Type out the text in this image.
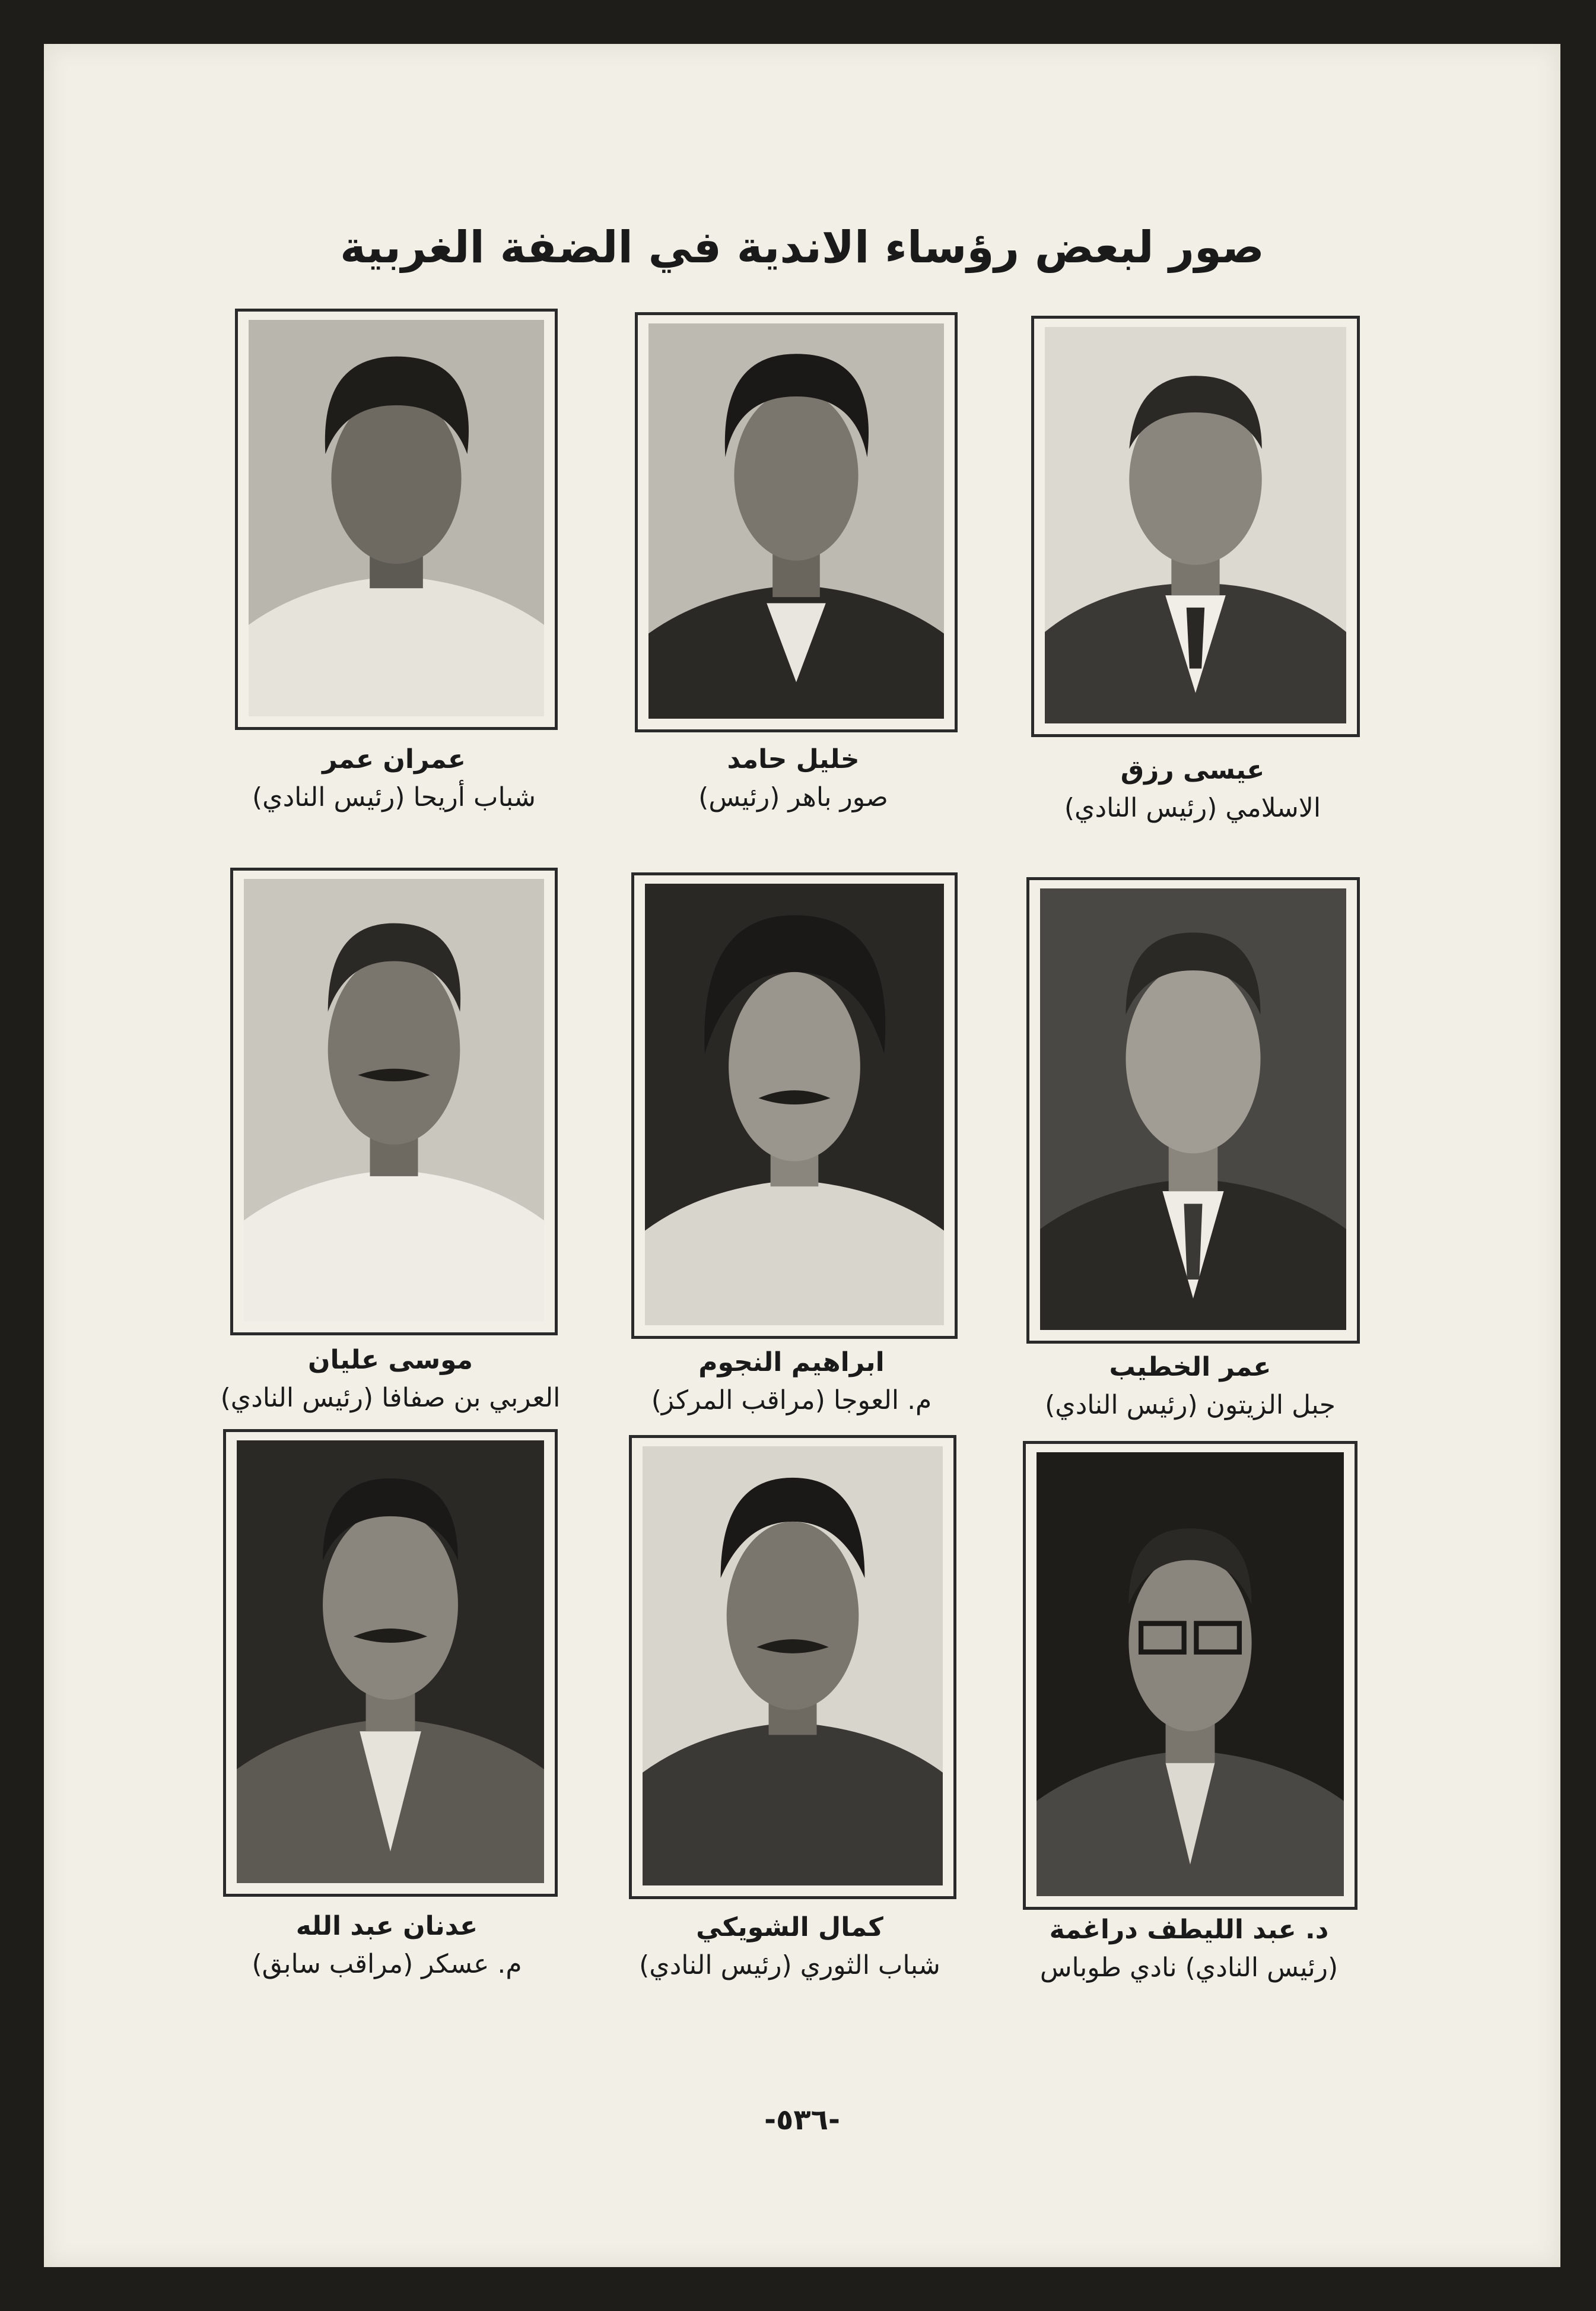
صور لبعض رؤساء الاندية في الضفة الغربية
عمران عمر
شباب أريحا (رئيس النادي)
خليل حامد
صور باهر (رئيس)
عيسى رزق
الاسلامي (رئيس النادي)
موسى عليان
العربي بن صفافا (رئيس النادي)
ابراهيم النجوم
م. العوجا (مراقب المركز)
عمر الخطيب
جبل الزيتون (رئيس النادي)
عدنان عبد الله
م. عسكر (مراقب سابق)
كمال الشويكي
شباب الثوري (رئيس النادي)
د. عبد الليطف دراغمة
(رئيس النادي) نادي طوباس
-٥٣٦-
